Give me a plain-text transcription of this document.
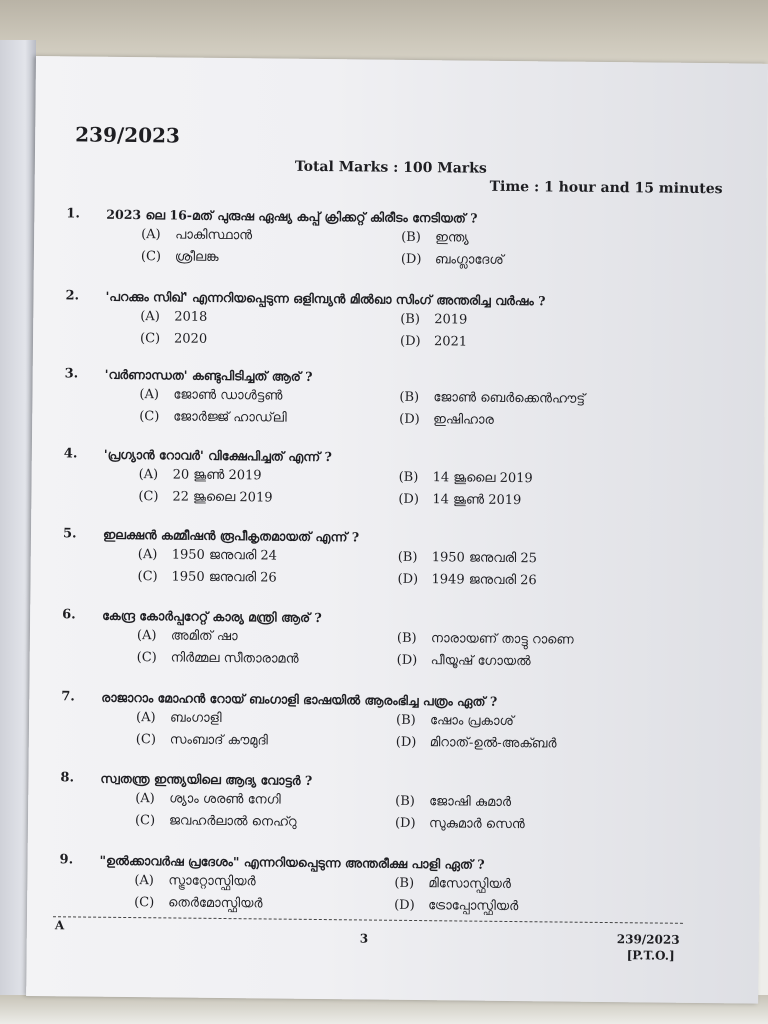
239/2023
Total Marks : 100 Marks
Time : 1 hour and 15 minutes
1. 2023 ലെ 16-മത് പുരുഷ ഏഷ്യ കപ്പ് ക്രിക്കറ്റ് കിരീടം നേടിയത് ?
(A) പാകിസ്ഥാൻ	(B) ഇന്ത്യ
(C) ശ്രീലങ്ക	(D) ബംഗ്ലാദേശ്
2. 'പറക്കും സിഖ്' എന്നറിയപ്പെടുന്ന ഒളിമ്പ്യൻ മിൽഖാ സിംഗ് അന്തരിച്ച വർഷം ?
(A) 2018	(B) 2019
(C) 2020	(D) 2021
3. 'വർണാന്ധത' കണ്ടുപിടിച്ചത് ആര് ?
(A) ജോൺ ഡാൾട്ടൺ	(B) ജോൺ ബെർക്കെൻഹൗട്ട്
(C) ജോർജ്ജ് ഹാഡ്‌ലി	(D) ഇഷിഹാര
4. 'പ്രഗ്യാൻ റോവർ' വിക്ഷേപിച്ചത് എന്ന് ?
(A) 20 ജൂൺ 2019	(B) 14 ജൂലൈ 2019
(C) 22 ജൂലൈ 2019	(D) 14 ജൂൺ 2019
5. ഇലക്ഷൻ കമ്മീഷൻ രൂപീകൃതമായത് എന്ന് ?
(A) 1950 ജനുവരി 24	(B) 1950 ജനുവരി 25
(C) 1950 ജനുവരി 26	(D) 1949 ജനുവരി 26
6. കേന്ദ്ര കോർപ്പറേറ്റ് കാര്യ മന്ത്രി ആര് ?
(A) അമിത് ഷാ	(B) നാരായണ് താട്ടു റാണെ
(C) നിർമ്മല സീതാരാമൻ	(D) പീയൂഷ് ഗോയൽ
7. രാജാറാം മോഹൻ റോയ് ബംഗാളി ഭാഷയിൽ ആരംഭിച്ച പത്രം ഏത് ?
(A) ബംഗാളി	(B) ഷോം പ്രകാശ്
(C) സംബാദ് കൗമുദി	(D) മിറാത്-ഉൽ-അക്ബർ
8. സ്വതന്ത്ര ഇന്ത്യയിലെ ആദ്യ വോട്ടർ ?
(A) ശ്യാം ശരൺ നേഗി	(B) ജോഷി കുമാർ
(C) ജവഹർലാൽ നെഹ്റു	(D) സുകുമാർ സെൻ
9. "ഉൽക്കാവർഷ പ്രദേശം" എന്നറിയപ്പെടുന്ന അന്തരീക്ഷ പാളി ഏത് ?
(A) സ്ട്രാറ്റോസ്ഫിയർ	(B) മിസോസ്ഫിയർ
(C) തെർമോസ്ഫിയർ	(D) ട്രോപ്പോസ്ഫിയർ
A
3	239/2023
[P.T.O.]
